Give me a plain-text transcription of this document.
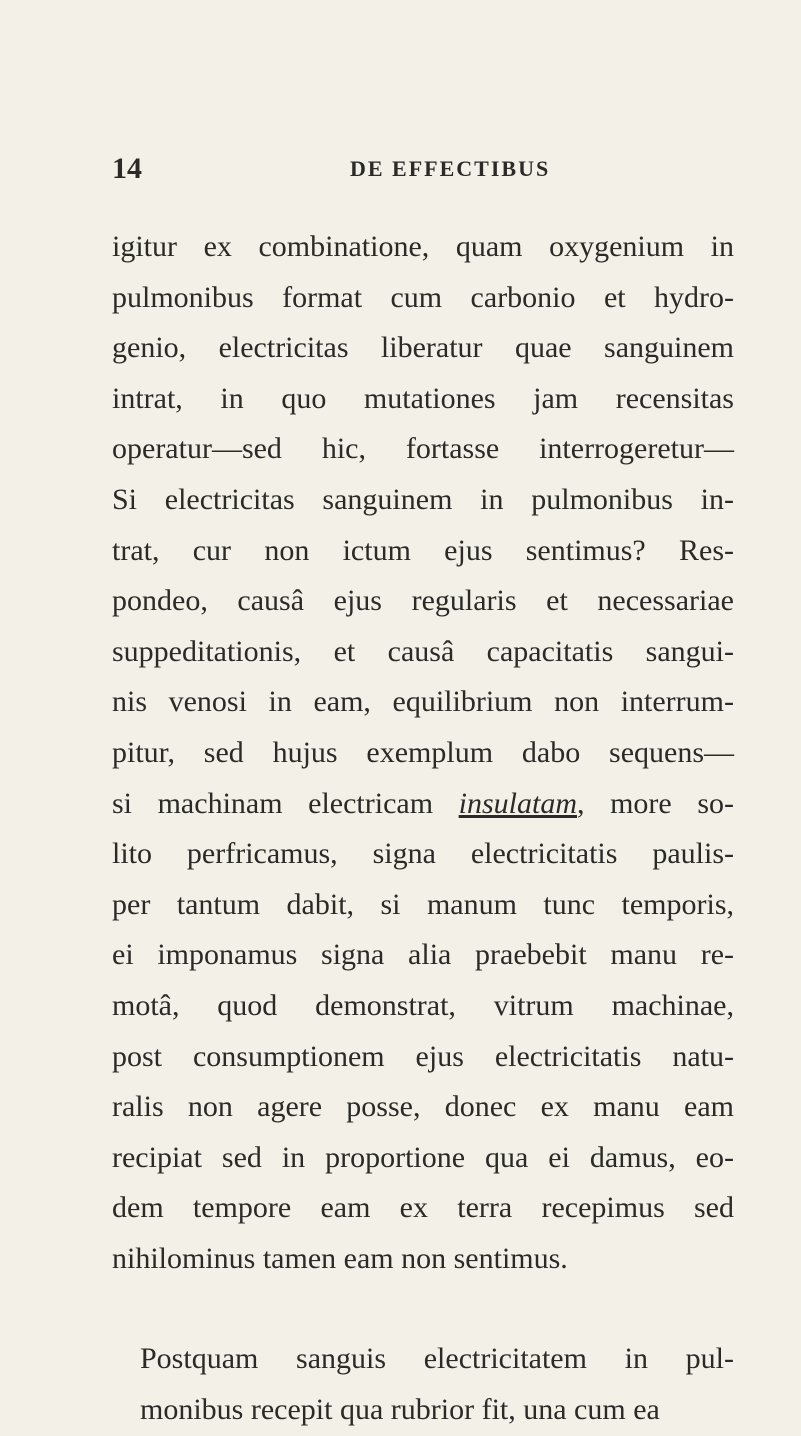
14	DE EFFECTIBUS
igitur ex combinatione, quam oxygenium in
pulmonibus format cum carbonio et hydro-
genio, electricitas liberatur quae sanguinem
intrat, in quo mutationes jam recensitas
operatur—sed hic, fortasse interrogeretur—
Si electricitas sanguinem in pulmonibus in-
trat, cur non ictum ejus sentimus? Res-
pondeo, causâ ejus regularis et necessariae
suppeditationis, et causâ capacitatis sangui-
nis venosi in eam, equilibrium non interrum-
pitur, sed hujus exemplum dabo sequens—
si machinam electricam insulatam, more so-
lito perfricamus, signa electricitatis paulis-
per tantum dabit, si manum tunc temporis,
ei imponamus signa alia praebebit manu re-
motâ, quod demonstrat, vitrum machinae,
post consumptionem ejus electricitatis natu-
ralis non agere posse, donec ex manu eam
recipiat sed in proportione qua ei damus, eo-
dem tempore eam ex terra recepimus sed
nihilominus tamen eam non sentimus.
Postquam sanguis electricitatem in pul-
monibus recepit qua rubrior fit, una cum ea
